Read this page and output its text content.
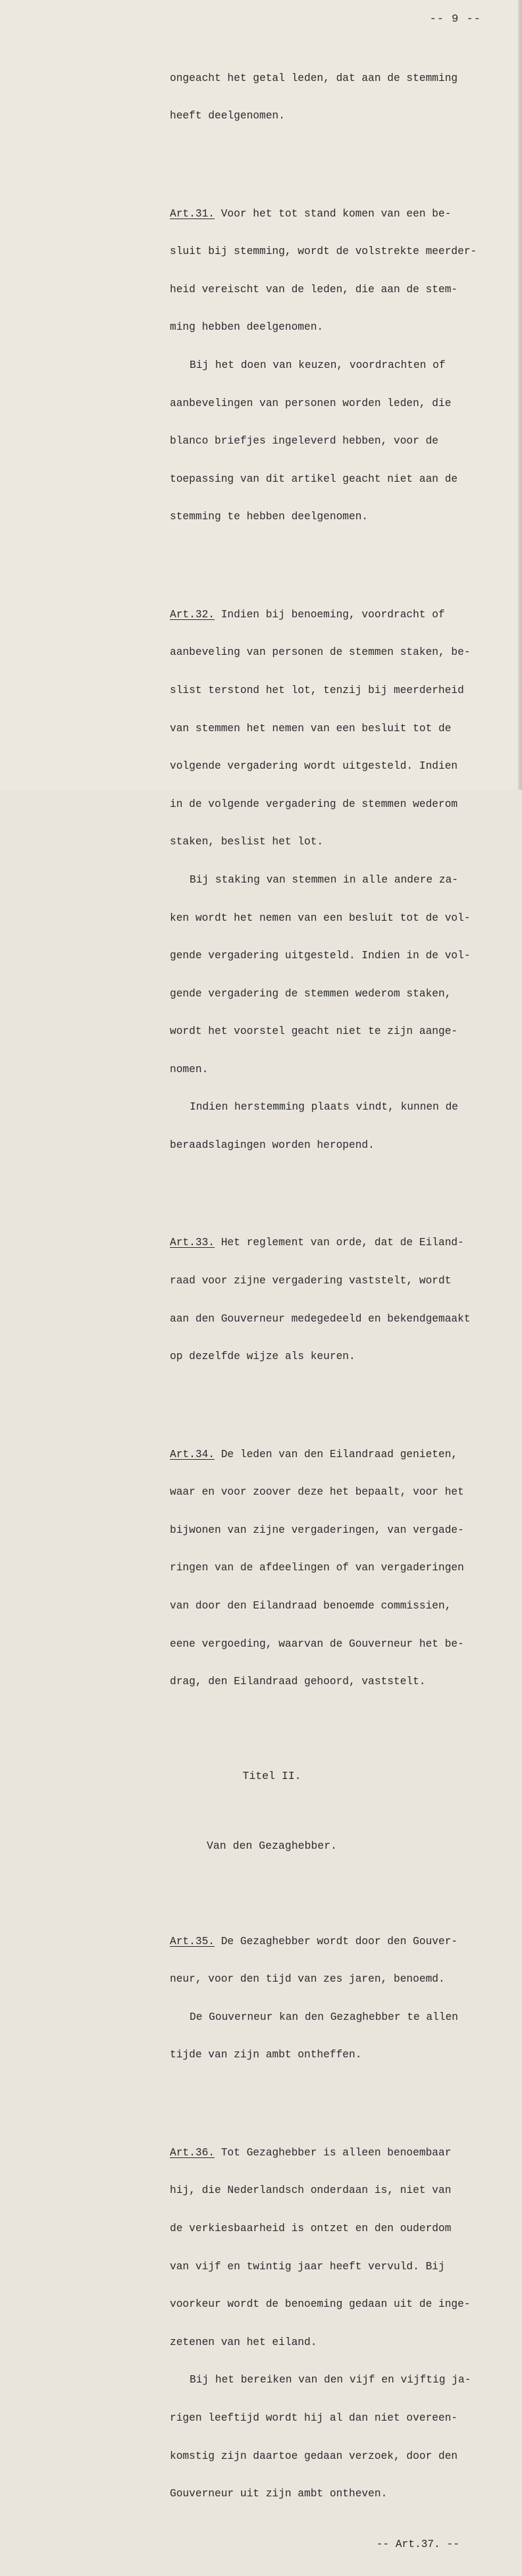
-- 9 --

ongeacht het getal leden, dat aan de stemming

heeft deelgenomen.

Art.31. Voor het tot stand komen van een be-

sluit bij stemming, wordt de volstrekte meerder-

heid vereischt van de leden, die aan de stem-

ming hebben deelgenomen.

Bij het doen van keuzen, voordrachten of

aanbevelingen van personen worden leden, die

blanco briefjes ingeleverd hebben, voor de

toepassing van dit artikel geacht niet aan de

stemming te hebben deelgenomen.

Art.32. Indien bij benoeming, voordracht of

aanbeveling van personen de stemmen staken, be-

slist terstond het lot, tenzij bij meerderheid

van stemmen het nemen van een besluit tot de

volgende vergadering wordt uitgesteld. Indien

in de volgende vergadering de stemmen wederom

staken, beslist het lot.

Bij staking van stemmen in alle andere za-

ken wordt het nemen van een besluit tot de vol-

gende vergadering uitgesteld. Indien in de vol-

gende vergadering de stemmen wederom staken,

wordt het voorstel geacht niet te zijn aange-

nomen.

Indien herstemming plaats vindt, kunnen de

beraadslagingen worden heropend.

Art.33. Het reglement van orde, dat de Eiland-

raad voor zijne vergadering vaststelt, wordt

aan den Gouverneur medegedeeld en bekendgemaakt

op dezelfde wijze als keuren.

Art.34. De leden van den Eilandraad genieten,

waar en voor zoover deze het bepaalt, voor het

bijwonen van zijne vergaderingen, van vergade-

ringen van de afdeelingen of van vergaderingen

van door den Eilandraad benoemde commissien,

eene vergoeding, waarvan de Gouverneur het be-

drag, den Eilandraad gehoord, vaststelt.

Titel II.

Van den Gezaghebber.

Art.35. De Gezaghebber wordt door den Gouver-

neur, voor den tijd van zes jaren, benoemd.

De Gouverneur kan den Gezaghebber te allen

tijde van zijn ambt ontheffen.

Art.36. Tot Gezaghebber is alleen benoembaar

hij, die Nederlandsch onderdaan is, niet van

de verkiesbaarheid is ontzet en den ouderdom

van vijf en twintig jaar heeft vervuld. Bij

voorkeur wordt de benoeming gedaan uit de inge-

zetenen van het eiland.

Bij het bereiken van den vijf en vijftig ja-

rigen leeftijd wordt hij al dan niet overeen-

komstig zijn daartoe gedaan verzoek, door den

Gouverneur uit zijn ambt ontheven.

-- Art.37. --
